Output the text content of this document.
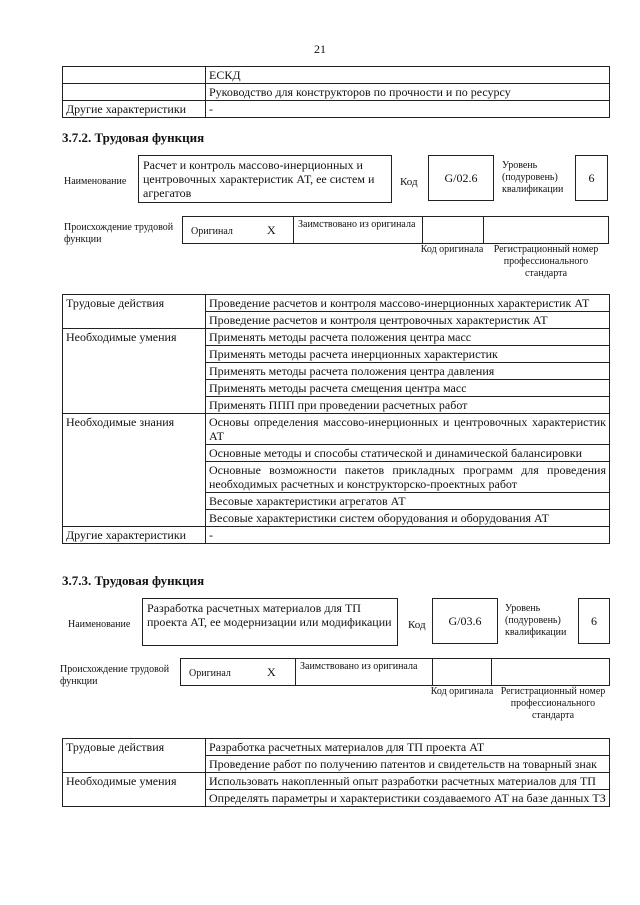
21
	ЕСКД
	Руководство для конструкторов по прочности и по ресурсу
Другие характеристики	-
3.7.2. Трудовая функция
Наименование
Расчет и контроль массово-инерционных и центровочных характеристик АТ, ее систем и агрегатов
Код	G/02.6
Уровень (подуровень) квалификации
6
Происхождение трудовой функции
Оригинал	X	Заимствовано из оригинала
Код оригинала	Регистрационный номер профессионального стандарта
Трудовые действия	Проведение расчетов и контроля массово-инерционных характеристик АТ
	Проведение расчетов и контроля центровочных характеристик АТ
Необходимые умения	Применять методы расчета положения центра масс
	Применять методы расчета инерционных характеристик
	Применять методы расчета положения центра давления
	Применять методы расчета смещения центра масс
	Применять ППП при проведении расчетных работ
Необходимые знания	Основы определения массово-инерционных и центровочных характеристик АТ
	Основные методы и способы статической и динамической балансировки
	Основные возможности пакетов прикладных программ для проведения необходимых расчетных и конструкторско-проектных работ
	Весовые характеристики агрегатов АТ
	Весовые характеристики систем оборудования и оборудования АТ
Другие характеристики	-
3.7.3. Трудовая функция
Наименование
Разработка расчетных материалов для ТП проекта АТ, ее модернизации или модификации	Код	G/03.6
Уровень (подуровень) квалификации
6
Происхождение трудовой функции
Оригинал	X	Заимствовано из оригинала
Код оригинала Регистрационный номер профессионального стандарта
Трудовые действия	Разработка расчетных материалов для ТП проекта АТ
	Проведение работ по получению патентов и свидетельств на товарный знак
Необходимые умения	Использовать накопленный опыт разработки расчетных материалов для ТП
	Определять параметры и характеристики создаваемого АТ на базе данных ТЗ
